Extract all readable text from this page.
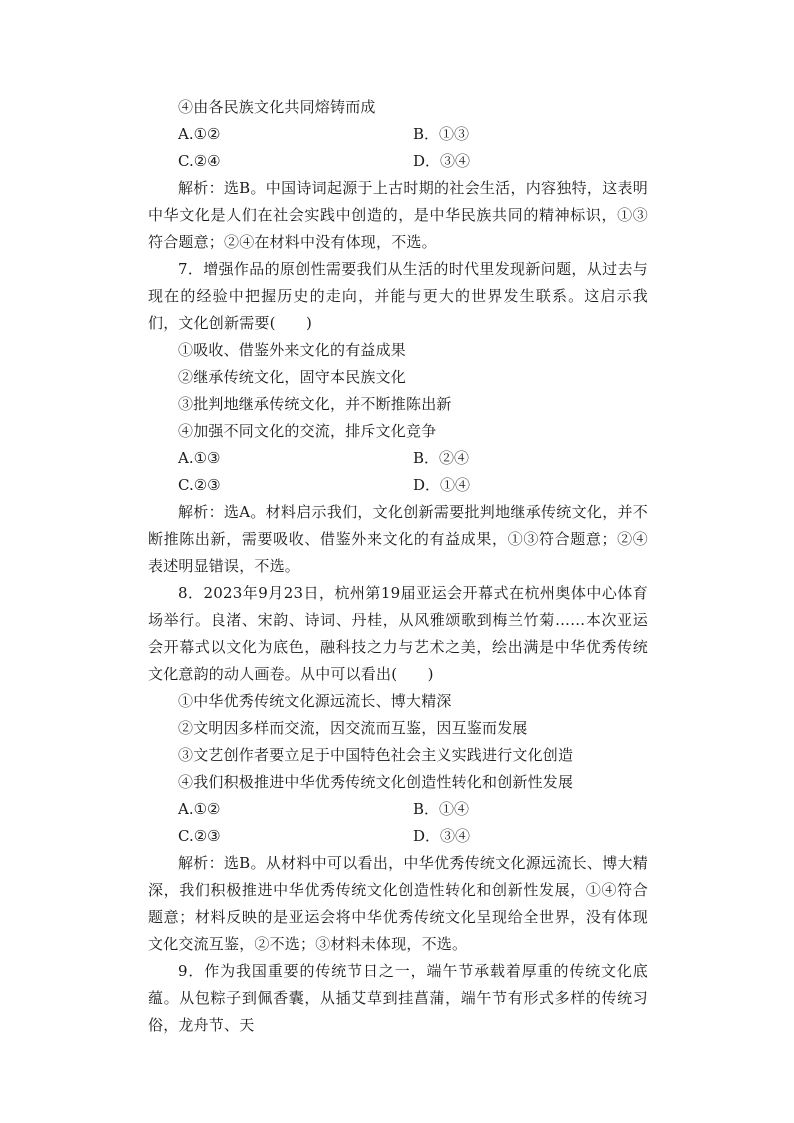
④由各民族文化共同熔铸而成
A.①②	B．①③
C.②④	D．③④
解析：选B。中国诗词起源于上古时期的社会生活，内容独特，这表明中华文化是人们在社会实践中创造的，是中华民族共同的精神标识，①③符合题意；②④在材料中没有体现，不选。
7．增强作品的原创性需要我们从生活的时代里发现新问题，从过去与现在的经验中把握历史的走向，并能与更大的世界发生联系。这启示我们，文化创新需要(　　)
①吸收、借鉴外来文化的有益成果
②继承传统文化，固守本民族文化
③批判地继承传统文化，并不断推陈出新
④加强不同文化的交流，排斥文化竞争
A.①③	B．②④
C.②③	D．①④
解析：选A。材料启示我们，文化创新需要批判地继承传统文化，并不断推陈出新，需要吸收、借鉴外来文化的有益成果，①③符合题意；②④表述明显错误，不选。
8．2023年9月23日，杭州第19届亚运会开幕式在杭州奥体中心体育场举行。良渚、宋韵、诗词、丹桂，从风雅颂歌到梅兰竹菊……本次亚运会开幕式以文化为底色，融科技之力与艺术之美，绘出满是中华优秀传统文化意韵的动人画卷。从中可以看出(　　)
①中华优秀传统文化源远流长、博大精深
②文明因多样而交流，因交流而互鉴，因互鉴而发展
③文艺创作者要立足于中国特色社会主义实践进行文化创造
④我们积极推进中华优秀传统文化创造性转化和创新性发展
A.①②	B．①④
C.②③	D．③④
解析：选B。从材料中可以看出，中华优秀传统文化源远流长、博大精深，我们积极推进中华优秀传统文化创造性转化和创新性发展，①④符合题意；材料反映的是亚运会将中华优秀传统文化呈现给全世界，没有体现文化交流互鉴，②不选；③材料未体现，不选。
9．作为我国重要的传统节日之一，端午节承载着厚重的传统文化底蕴。从包粽子到佩香囊，从插艾草到挂菖蒲，端午节有形式多样的传统习俗，龙舟节、天
